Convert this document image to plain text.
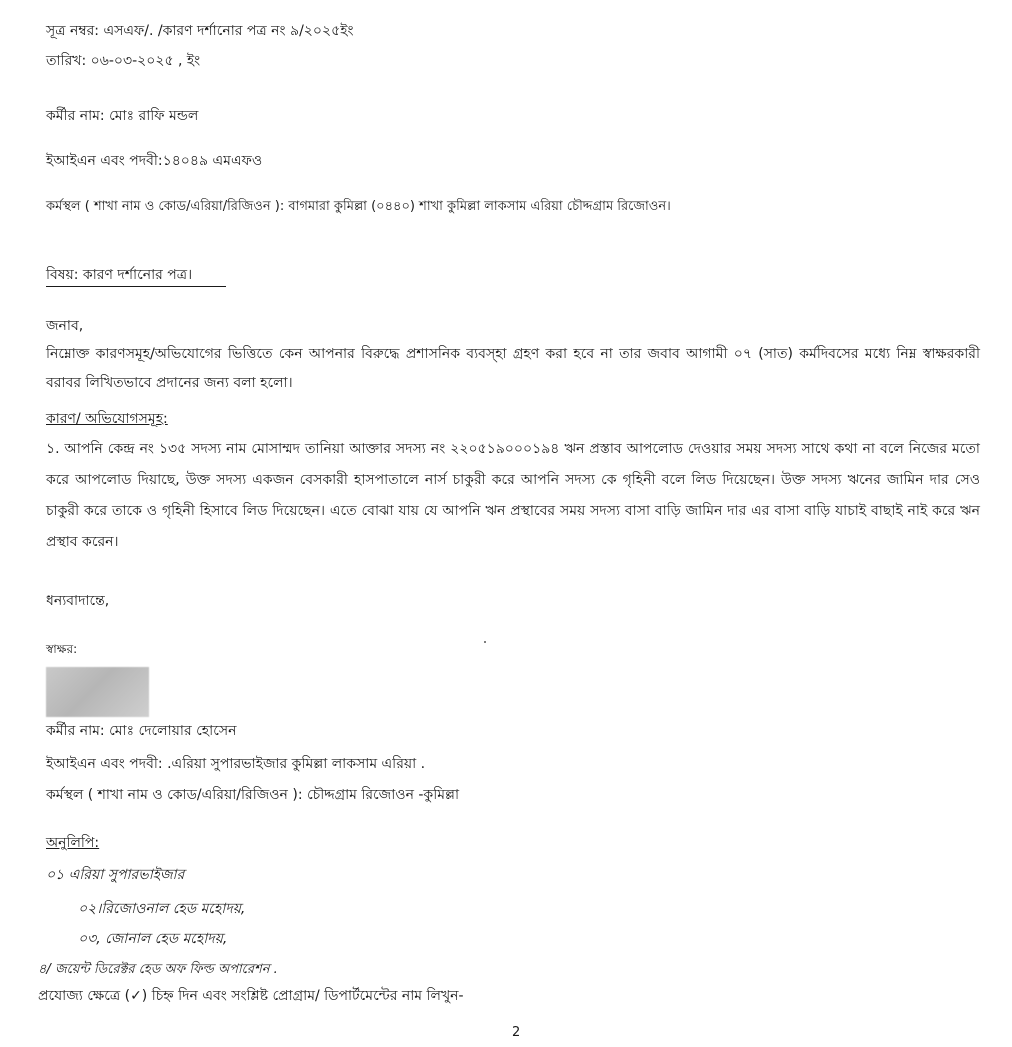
সূত্র নম্বর: এসএফ/. /কারণ দর্শানোর পত্র নং ৯/২০২৫ইং
তারিখ: ০৬-০৩-২০২৫ , ইং
কর্মীর নাম: মোঃ রাফি মন্ডল
ইআইএন এবং পদবী:১৪০৪৯ এমএফও
কর্মস্থল ( শাখা নাম ও কোড/এরিয়া/রিজিওন ): বাগমারা কুমিল্লা (০৪৪০) শাখা কুমিল্লা লাকসাম এরিয়া চৌদ্দগ্রাম রিজোওন।
বিষয়: কারণ দর্শানোর পত্র।
জনাব,
নিম্নোক্ত কারণসমূহ/অভিযোগের ভিত্তিতে কেন আপনার বিরুদ্ধে প্রশাসনিক ব্যবস্হা গ্রহণ করা হবে না তার জবাব আগামী ০৭ (সাত) কর্মদিবসের মধ্যে নিম্ন স্বাক্ষরকারী বরাবর লিখিতভাবে প্রদানের জন্য বলা হলো।
কারণ/ অভিযোগসমূহ:
১. আপনি কেন্দ্র নং ১৩৫ সদস্য নাম মোসাম্মদ তানিয়া আক্তার সদস্য নং ২২০৫১৯০০০১৯৪ ঋন প্রস্তাব আপলোড দেওয়ার সময় সদস্য সাথে কথা না বলে নিজের মতো করে আপলোড দিয়াছে, উক্ত সদস্য একজন বেসকারী হাসপাতালে নার্স চাকুরী করে আপনি সদস্য কে গৃহিনী বলে লিড দিয়েছেন। উক্ত সদস্য ঋনের জামিন দার সেও চাকুরী করে তাকে ও গৃহিনী হিসাবে লিড দিয়েছেন। এতে বোঝা যায় যে আপনি ঋন প্রস্থাবের সময় সদস্য বাসা বাড়ি জামিন দার এর বাসা বাড়ি যাচাই বাছাই নাই করে ঋন প্রস্থাব করেন।
ধন্যবাদান্তে,
স্বাক্ষর:
কর্মীর নাম: মোঃ দেলোয়ার হোসেন
ইআইএন এবং পদবী: .এরিয়া সুপারভাইজার কুমিল্লা লাকসাম এরিয়া .
কর্মস্থল ( শাখা নাম ও কোড/এরিয়া/রিজিওন ): চৌদ্দগ্রাম রিজোওন -কুমিল্লা
অনুলিপি:
০১ এরিয়া সুপারভাইজার
০২।রিজোওনাল হেড মহোদয়,
০৩, জোনাল হেড মহোদয়,
৪/ জয়েন্ট ডিরেক্টর হেড অফ ফিল্ড অপারেশন .
প্রযোজ্য ক্ষেত্রে (✓) চিহ্ন দিন এবং সংশ্লিষ্ট প্রোগ্রাম/ ডিপার্টমেন্টের নাম লিখুন-
2
